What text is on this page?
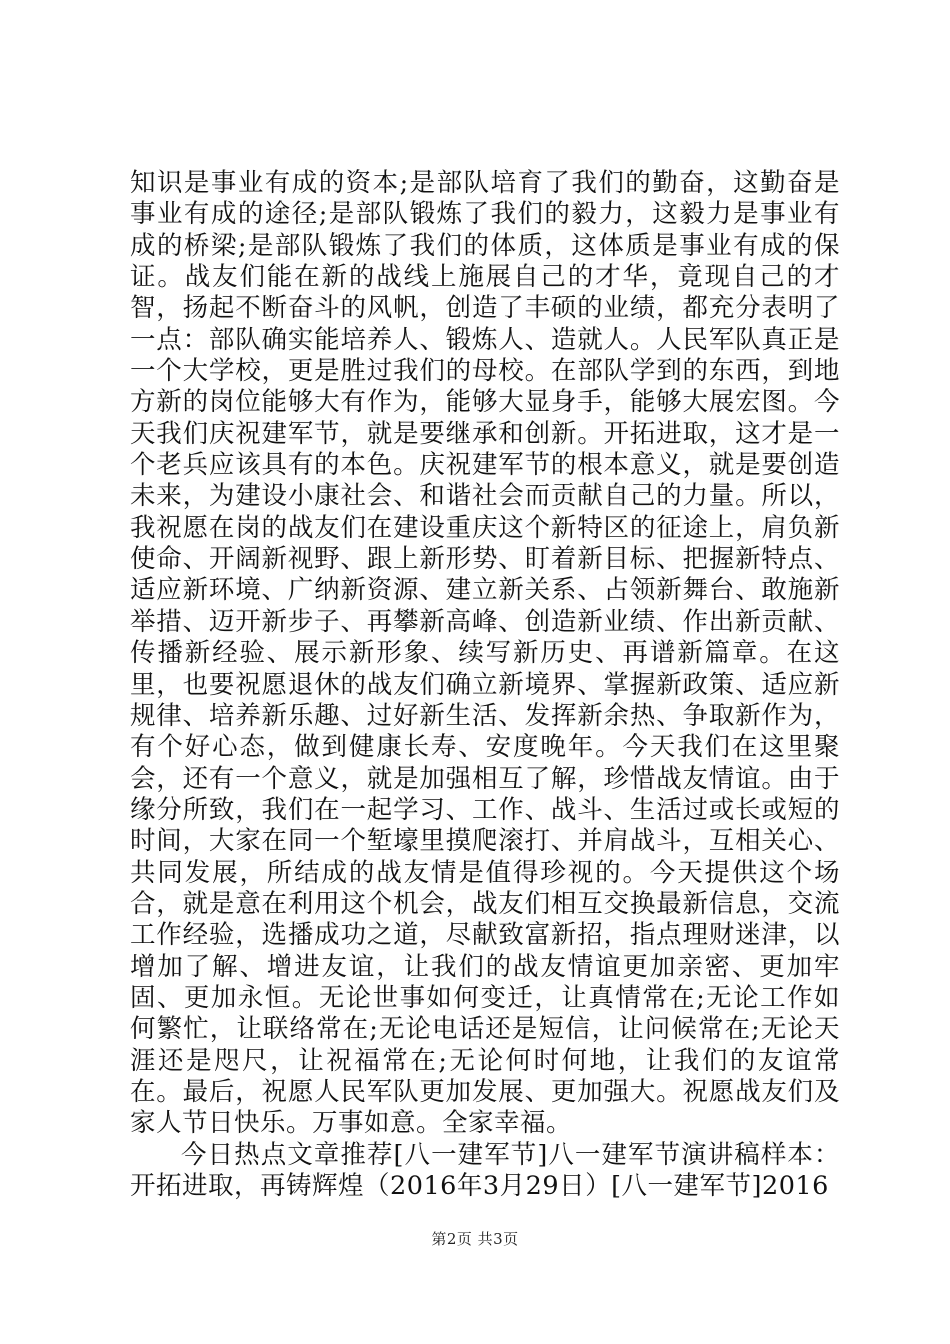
知识是事业有成的资本;是部队培育了我们的勤奋，这勤奋是事业有成的途径;是部队锻炼了我们的毅力，这毅力是事业有成的桥梁;是部队锻炼了我们的体质，这体质是事业有成的保证。战友们能在新的战线上施展自己的才华，竟现自己的才智，扬起不断奋斗的风帆，创造了丰硕的业绩，都充分表明了一点：部队确实能培养人、锻炼人、造就人。人民军队真正是一个大学校，更是胜过我们的母校。在部队学到的东西，到地方新的岗位能够大有作为，能够大显身手，能够大展宏图。今天我们庆祝建军节，就是要继承和创新。开拓进取，这才是一个老兵应该具有的本色。庆祝建军节的根本意义，就是要创造未来，为建设小康社会、和谐社会而贡献自己的力量。所以，我祝愿在岗的战友们在建设重庆这个新特区的征途上，肩负新使命、开阔新视野、跟上新形势、盯着新目标、把握新特点、适应新环境、广纳新资源、建立新关系、占领新舞台、敢施新举措、迈开新步子、再攀新高峰、创造新业绩、作出新贡献、传播新经验、展示新形象、续写新历史、再谱新篇章。在这里，也要祝愿退休的战友们确立新境界、掌握新政策、适应新规律、培养新乐趣、过好新生活、发挥新余热、争取新作为，有个好心态，做到健康长寿、安度晚年。今天我们在这里聚会，还有一个意义，就是加强相互了解，珍惜战友情谊。由于缘分所致，我们在一起学习、工作、战斗、生活过或长或短的时间，大家在同一个堑壕里摸爬滚打、并肩战斗，互相关心、共同发展，所结成的战友情是值得珍视的。今天提供这个场合，就是意在利用这个机会，战友们相互交换最新信息，交流工作经验，选播成功之道，尽献致富新招，指点理财迷津，以增加了解、增进友谊，让我们的战友情谊更加亲密、更加牢固、更加永恒。无论世事如何变迁，让真情常在;无论工作如何繁忙，让联络常在;无论电话还是短信，让问候常在;无论天涯还是咫尺，让祝福常在;无论何时何地，让我们的友谊常在。最后，祝愿人民军队更加发展、更加强大。祝愿战友们及家人节日快乐。万事如意。全家幸福。

今日热点文章推荐[八一建军节]八一建军节演讲稿样本：开拓进取，再铸辉煌（2016年3月29日）[八一建军节]2016

第2页 共3页
